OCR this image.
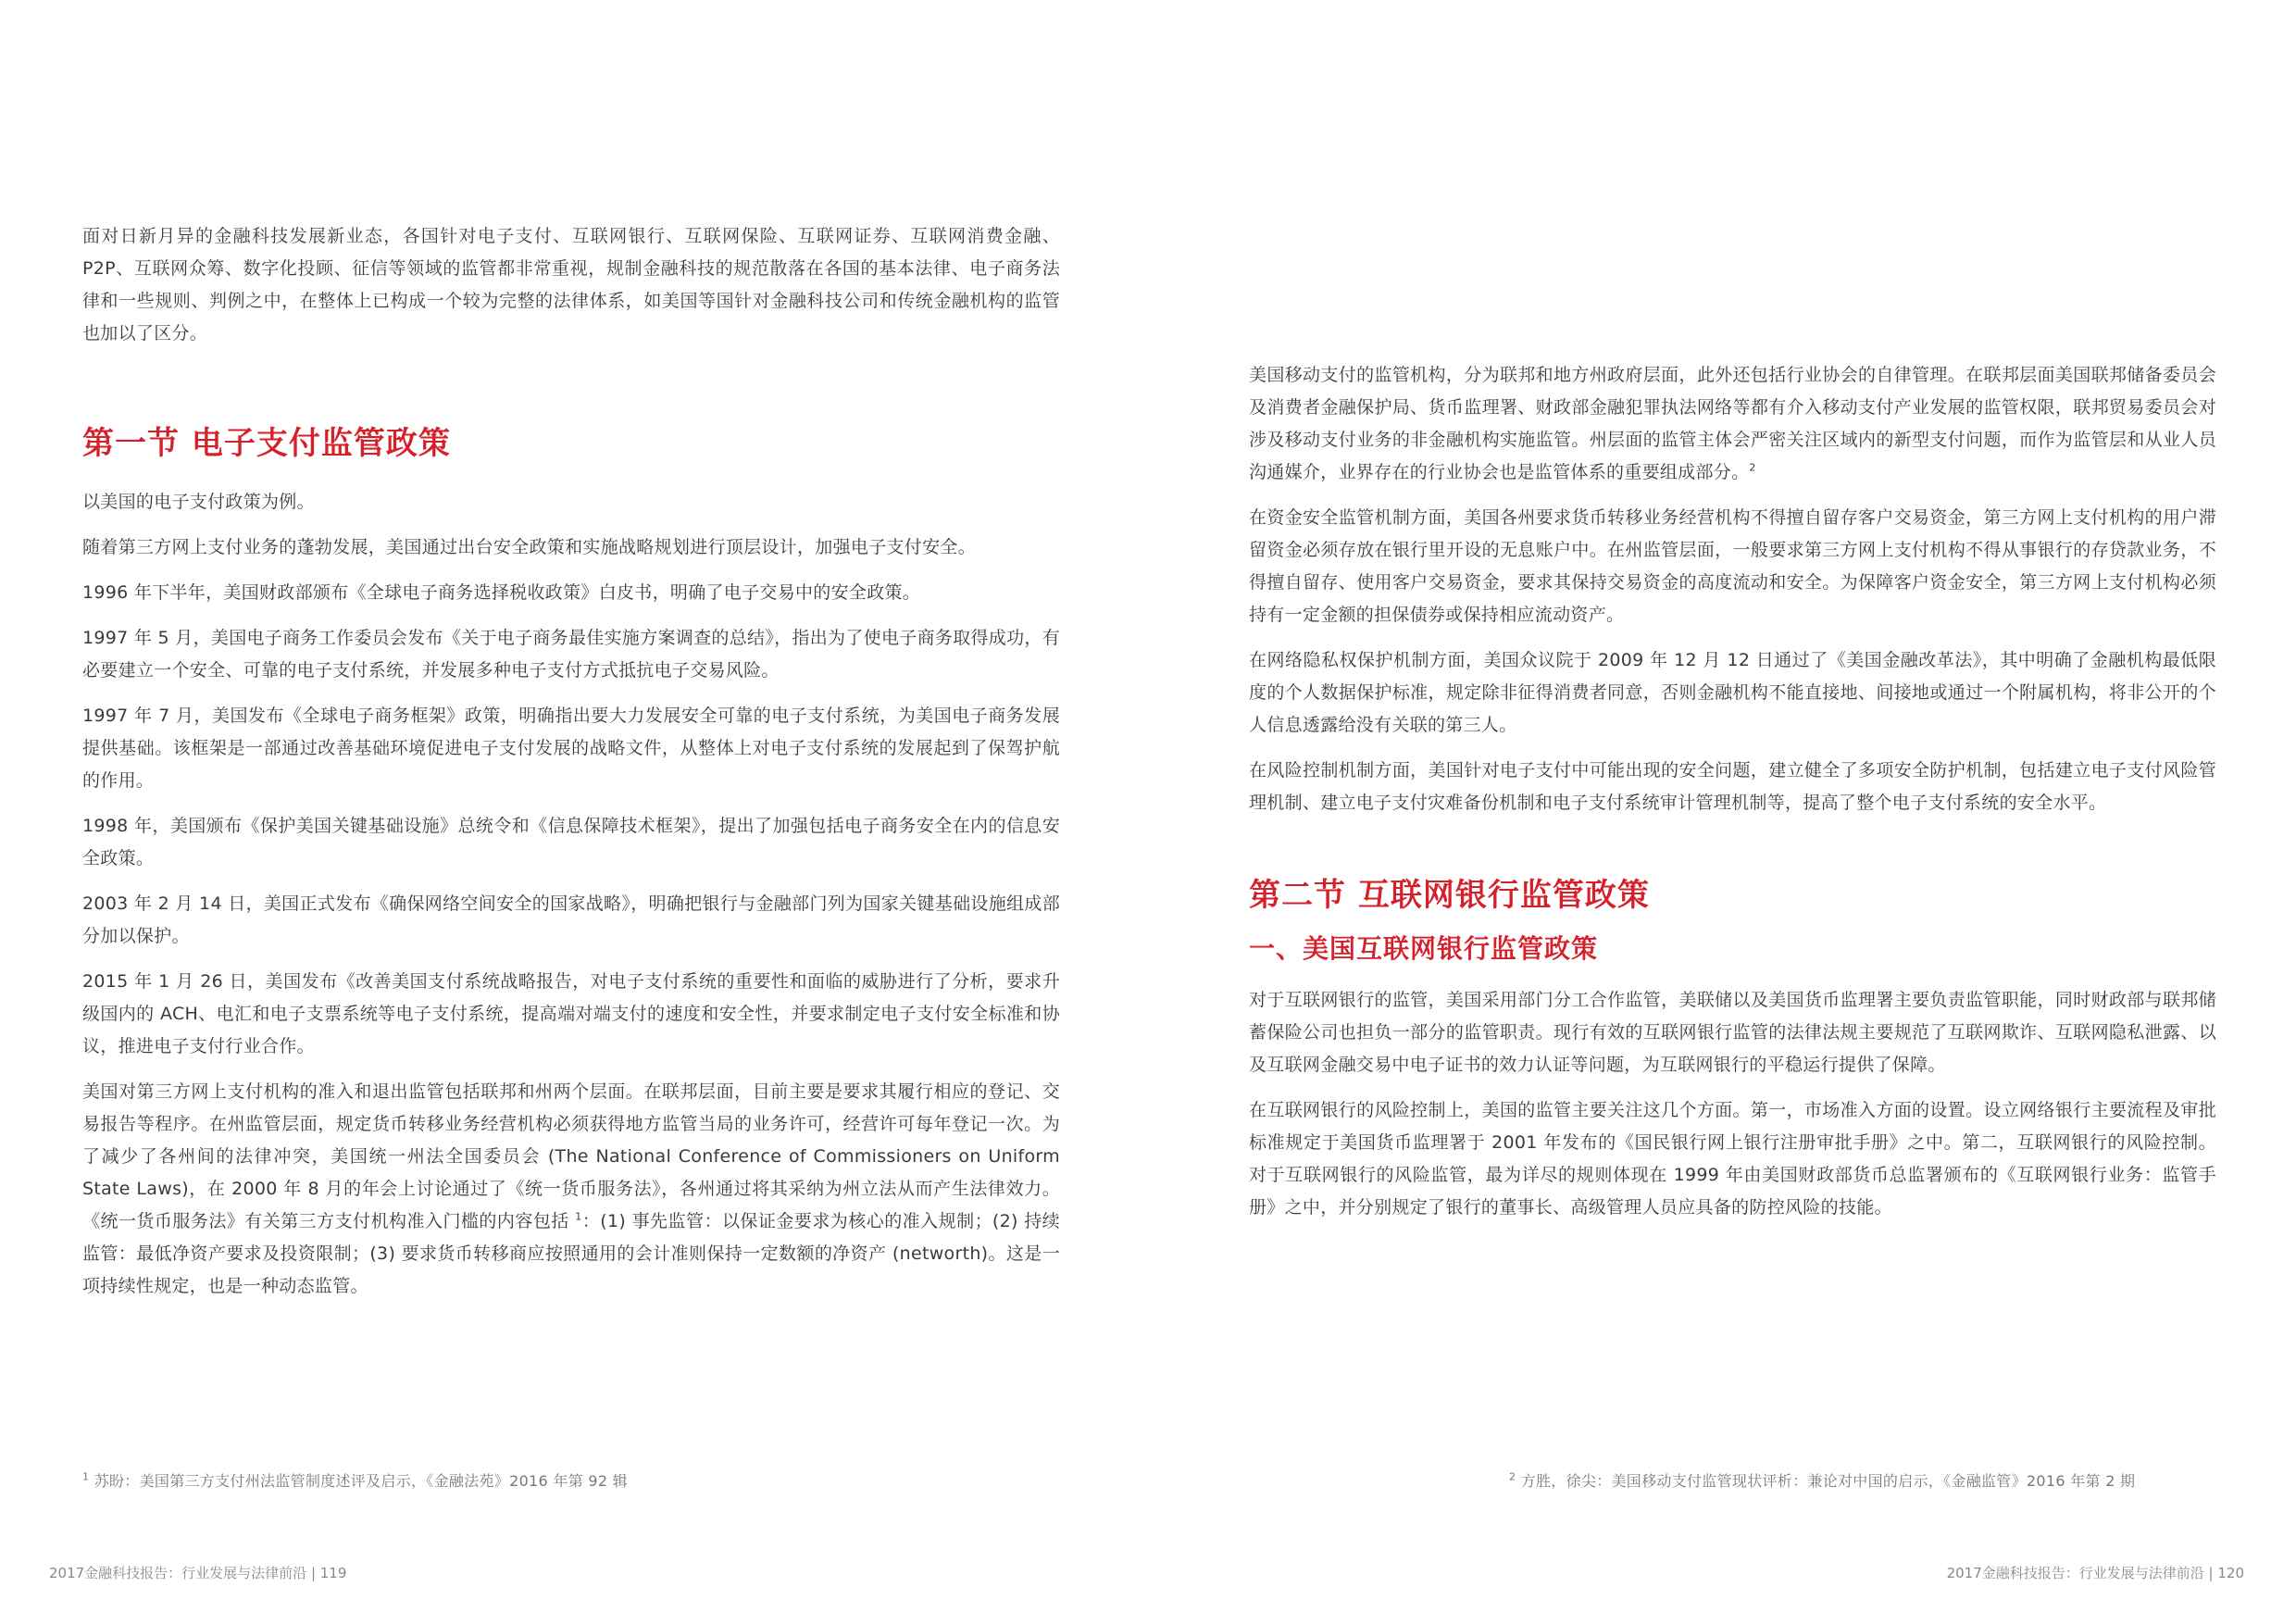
面对日新月异的金融科技发展新业态，各国针对电子支付、互联网银行、互联网保险、互联网证券、互联网消费金融、P2P、互联网众筹、数字化投顾、征信等领域的监管都非常重视，规制金融科技的规范散落在各国的基本法律、电子商务法律和一些规则、判例之中，在整体上已构成一个较为完整的法律体系，如美国等国针对金融科技公司和传统金融机构的监管也加以了区分。

第一节 电子支付监管政策

以美国的电子支付政策为例。

随着第三方网上支付业务的蓬勃发展，美国通过出台安全政策和实施战略规划进行顶层设计，加强电子支付安全。

1996 年下半年，美国财政部颁布《全球电子商务选择税收政策》白皮书，明确了电子交易中的安全政策。

1997 年 5 月，美国电子商务工作委员会发布《关于电子商务最佳实施方案调查的总结》，指出为了使电子商务取得成功，有必要建立一个安全、可靠的电子支付系统，并发展多种电子支付方式抵抗电子交易风险。

1997 年 7 月，美国发布《全球电子商务框架》政策，明确指出要大力发展安全可靠的电子支付系统，为美国电子商务发展提供基础。该框架是一部通过改善基础环境促进电子支付发展的战略文件，从整体上对电子支付系统的发展起到了保驾护航的作用。

1998 年，美国颁布《保护美国关键基础设施》总统令和《信息保障技术框架》，提出了加强包括电子商务安全在内的信息安全政策。

2003 年 2 月 14 日，美国正式发布《确保网络空间安全的国家战略》，明确把银行与金融部门列为国家关键基础设施组成部分加以保护。

2015 年 1 月 26 日，美国发布《改善美国支付系统战略报告，对电子支付系统的重要性和面临的威胁进行了分析，要求升级国内的 ACH、电汇和电子支票系统等电子支付系统，提高端对端支付的速度和安全性，并要求制定电子支付安全标准和协议，推进电子支付行业合作。

美国对第三方网上支付机构的准入和退出监管包括联邦和州两个层面。在联邦层面，目前主要是要求其履行相应的登记、交易报告等程序。在州监管层面，规定货币转移业务经营机构必须获得地方监管当局的业务许可，经营许可每年登记一次。为了减少了各州间的法律冲突，美国统一州法全国委员会 (The National Conference of Commissioners on Uniform State Laws)，在 2000 年 8 月的年会上讨论通过了《统一货币服务法》，各州通过将其采纳为州立法从而产生法律效力。《统一货币服务法》有关第三方支付机构准入门槛的内容包括 $^1$：(1) 事先监管：以保证金要求为核心的准入规制；(2) 持续监管：最低净资产要求及投资限制；(3) 要求货币转移商应按照通用的会计准则保持一定数额的净资产 (networth)。这是一项持续性规定，也是一种动态监管。

$^1$ 苏盼：美国第三方支付州法监管制度述评及启示，《金融法苑》2016 年第 92 辑
2017金融科技报告：行业发展与法律前沿 | 119

美国移动支付的监管机构，分为联邦和地方州政府层面，此外还包括行业协会的自律管理。在联邦层面美国联邦储备委员会及消费者金融保护局、货币监理署、财政部金融犯罪执法网络等都有介入移动支付产业发展的监管权限，联邦贸易委员会对涉及移动支付业务的非金融机构实施监管。州层面的监管主体会严密关注区域内的新型支付问题，而作为监管层和从业人员沟通媒介，业界存在的行业协会也是监管体系的重要组成部分。$^2$

在资金安全监管机制方面，美国各州要求货币转移业务经营机构不得擅自留存客户交易资金，第三方网上支付机构的用户滞留资金必须存放在银行里开设的无息账户中。在州监管层面，一般要求第三方网上支付机构不得从事银行的存贷款业务，不得擅自留存、使用客户交易资金，要求其保持交易资金的高度流动和安全。为保障客户资金安全，第三方网上支付机构必须持有一定金额的担保债券或保持相应流动资产。

在网络隐私权保护机制方面，美国众议院于 2009 年 12 月 12 日通过了《美国金融改革法》，其中明确了金融机构最低限度的个人数据保护标准，规定除非征得消费者同意，否则金融机构不能直接地、间接地或通过一个附属机构，将非公开的个人信息透露给没有关联的第三人。

在风险控制机制方面，美国针对电子支付中可能出现的安全问题，建立健全了多项安全防护机制，包括建立电子支付风险管理机制、建立电子支付灾难备份机制和电子支付系统审计管理机制等，提高了整个电子支付系统的安全水平。

第二节 互联网银行监管政策
一、美国互联网银行监管政策

对于互联网银行的监管，美国采用部门分工合作监管，美联储以及美国货币监理署主要负责监管职能，同时财政部与联邦储蓄保险公司也担负一部分的监管职责。现行有效的互联网银行监管的法律法规主要规范了互联网欺诈、互联网隐私泄露、以及互联网金融交易中电子证书的效力认证等问题，为互联网银行的平稳运行提供了保障。

在互联网银行的风险控制上，美国的监管主要关注这几个方面。第一，市场准入方面的设置。设立网络银行主要流程及审批标准规定于美国货币监理署于 2001 年发布的《国民银行网上银行注册审批手册》之中。第二，互联网银行的风险控制。对于互联网银行的风险监管，最为详尽的规则体现在 1999 年由美国财政部货币总监署颁布的《互联网银行业务：监管手册》之中，并分别规定了银行的董事长、高级管理人员应具备的防控风险的技能。

$^2$ 方胜，徐尖：美国移动支付监管现状评析：兼论对中国的启示，《金融监管》2016 年第 2 期
2017金融科技报告：行业发展与法律前沿 | 120
